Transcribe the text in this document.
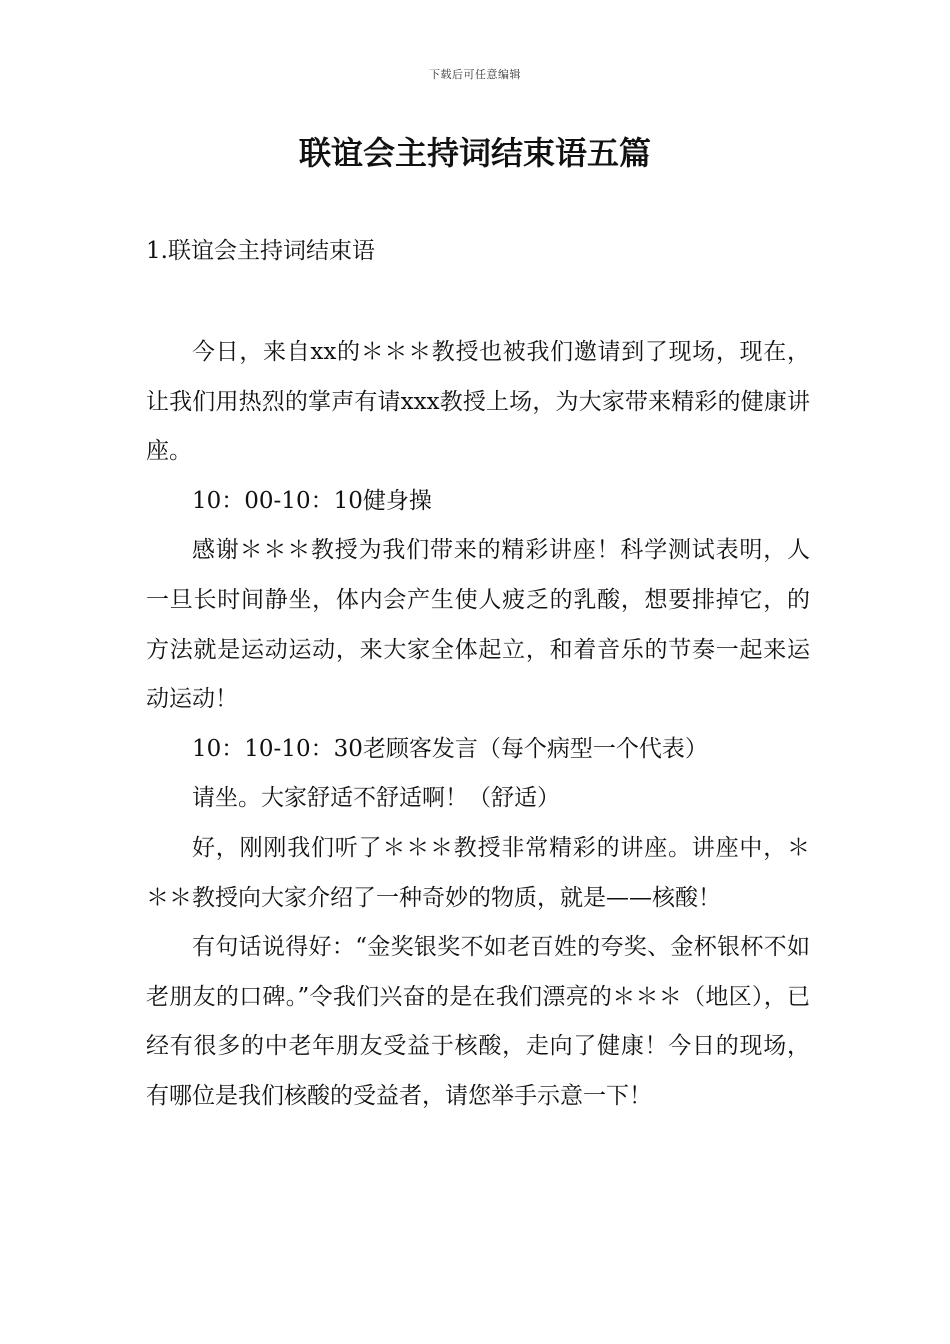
下载后可任意编辑
联谊会主持词结束语五篇
1.联谊会主持词结束语

今日，来自xx的＊＊＊教授也被我们邀请到了现场，现在，让我们用热烈的掌声有请xxx教授上场，为大家带来精彩的健康讲座。

10：00-10：10健身操

感谢＊＊＊教授为我们带来的精彩讲座！科学测试表明，人一旦长时间静坐，体内会产生使人疲乏的乳酸，想要排掉它，的方法就是运动运动，来大家全体起立，和着音乐的节奏一起来运动运动！

10：10-10：30老顾客发言（每个病型一个代表）

请坐。大家舒适不舒适啊！（舒适）

好，刚刚我们听了＊＊＊教授非常精彩的讲座。讲座中，＊＊＊教授向大家介绍了一种奇妙的物质，就是——核酸！

有句话说得好：“金奖银奖不如老百姓的夸奖、金杯银杯不如老朋友的口碑。”令我们兴奋的是在我们漂亮的＊＊＊（地区），已经有很多的中老年朋友受益于核酸，走向了健康！今日的现场，有哪位是我们核酸的受益者，请您举手示意一下！
